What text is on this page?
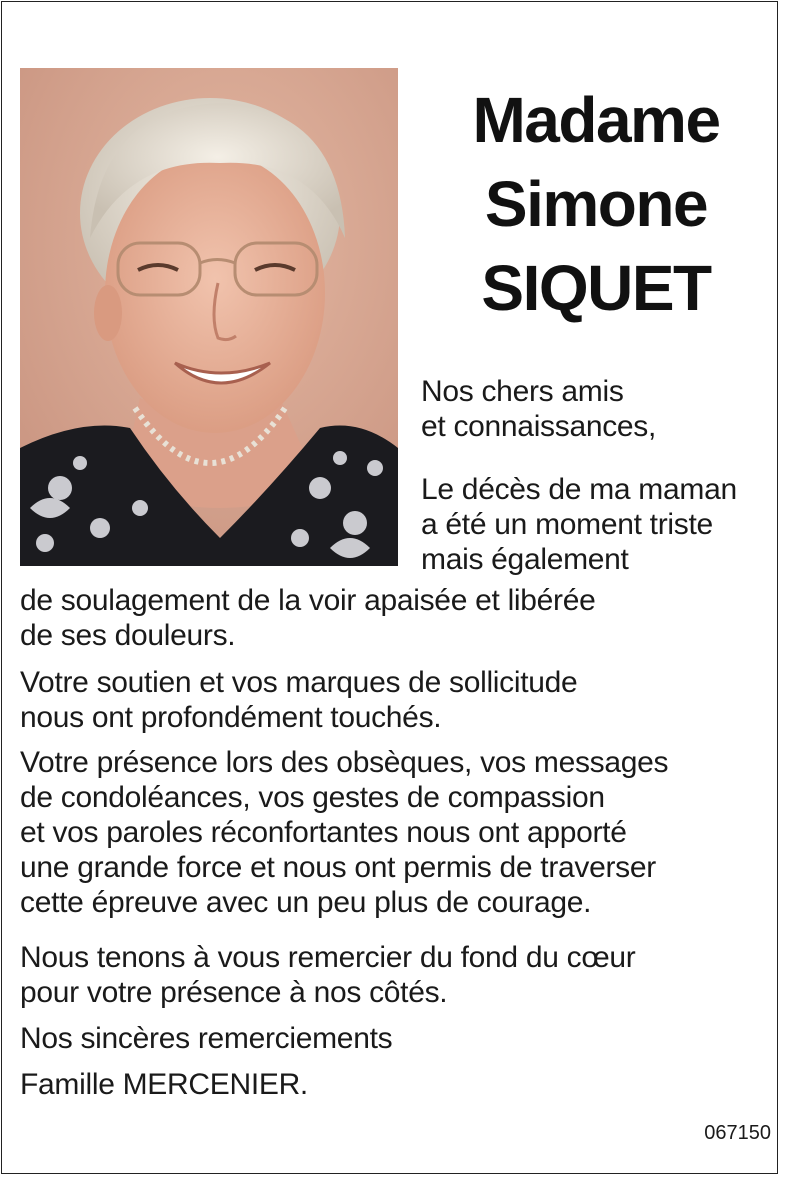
Madame
Simone
SIQUET
Nos chers amis
et connaissances,
Le décès de ma maman
a été un moment triste
mais également
de soulagement de la voir apaisée et libérée
de ses douleurs.
Votre soutien et vos marques de sollicitude
nous ont profondément touchés.
Votre présence lors des obsèques, vos messages
de condoléances, vos gestes de compassion
et vos paroles réconfortantes nous ont apporté
une grande force et nous ont permis de traverser
cette épreuve avec un peu plus de courage.
Nous tenons à vous remercier du fond du cœur
pour votre présence à nos côtés.
Nos sincères remerciements
Famille MERCENIER.
067150
